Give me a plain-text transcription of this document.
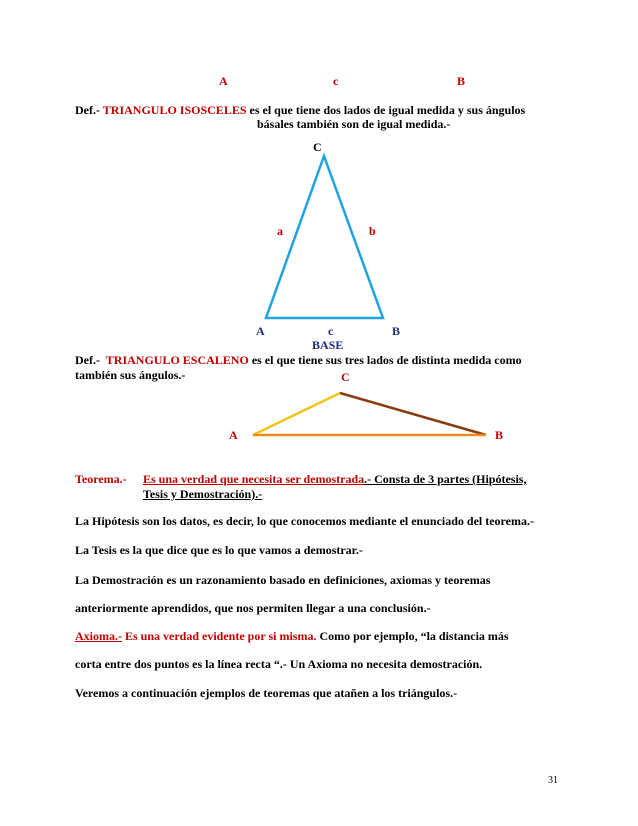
A	c	B
Def.- TRIANGULO ISOSCELES es el que tiene dos lados de igual medida y sus ángulos
básales también son de igual medida.-
C
a	b
A	c	B
BASE
Def.- TRIANGULO ESCALENO es el que tiene sus tres lados de distinta medida como
también sus ángulos.-	C
A	B
Teorema.- Es una verdad que necesita ser demostrada.- Consta de 3 partes (Hipótesis,
Tesis y Demostración).-
La Hipótesis son los datos, es decir, lo que conocemos mediante el enunciado del teorema.-
La Tesis es la que dice que es lo que vamos a demostrar.-
La Demostración es un razonamiento basado en definiciones, axiomas y teoremas
anteriormente aprendidos, que nos permiten llegar a una conclusión.-
Axioma.- Es una verdad evidente por si misma. Como por ejemplo, “la distancia más
corta entre dos puntos es la línea recta “.- Un Axioma no necesita demostración.
Veremos a continuación ejemplos de teoremas que atañen a los triángulos.-
31
